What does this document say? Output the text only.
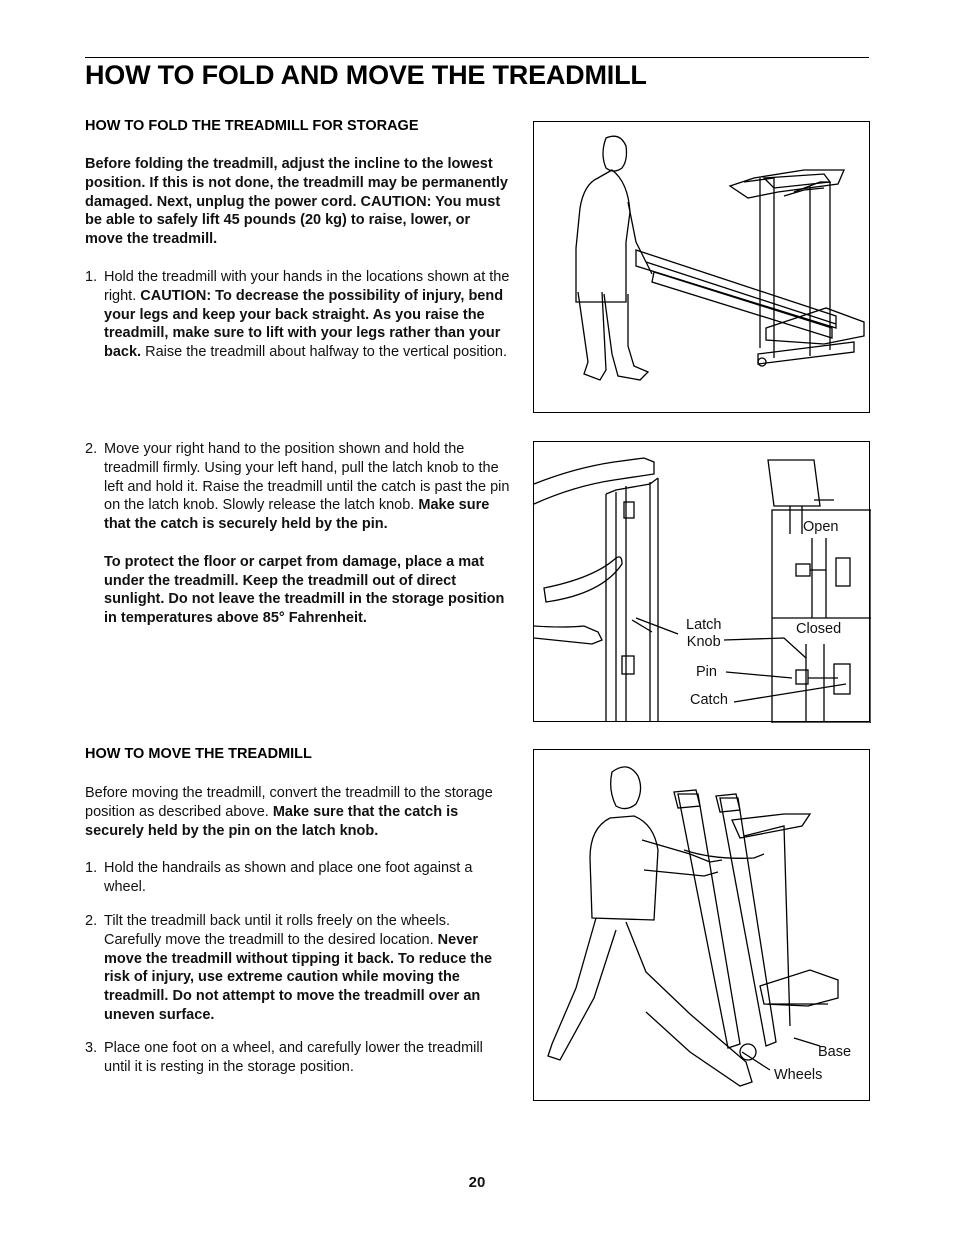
HOW TO FOLD AND MOVE THE TREADMILL
HOW TO FOLD THE TREADMILL FOR STORAGE

Before folding the treadmill, adjust the incline to the lowest position. If this is not done, the treadmill may be permanently damaged. Next, unplug the power cord. CAUTION: You must be able to safely lift 45 pounds (20 kg) to raise, lower, or move the treadmill.

1. Hold the treadmill with your hands in the locations shown at the right. CAUTION: To decrease the possibility of injury, bend your legs and keep your back straight. As you raise the treadmill, make sure to lift with your legs rather than your back. Raise the treadmill about halfway to the vertical position.
2. Move your right hand to the position shown and hold the treadmill firmly. Using your left hand, pull the latch knob to the left and hold it. Raise the treadmill until the catch is past the pin on the latch knob. Slowly release the latch knob. Make sure that the catch is securely held by the pin.
To protect the floor or carpet from damage, place a mat under the treadmill. Keep the treadmill out of direct sunlight. Do not leave the treadmill in the storage position in temperatures above 85° Fahrenheit.
HOW TO MOVE THE TREADMILL

Before moving the treadmill, convert the treadmill to the storage position as described above. Make sure that the catch is securely held by the pin on the latch knob.

1. Hold the handrails as shown and place one foot against a wheel.
2. Tilt the treadmill back until it rolls freely on the wheels. Carefully move the treadmill to the desired location. Never move the treadmill without tipping it back. To reduce the risk of injury, use extreme caution while moving the treadmill. Do not attempt to move the treadmill over an uneven surface.
3. Place one foot on a wheel, and carefully lower the treadmill until it is resting in the storage position.
Open
Closed
Latch
Knob
Pin
Catch
Base
Wheels
20
